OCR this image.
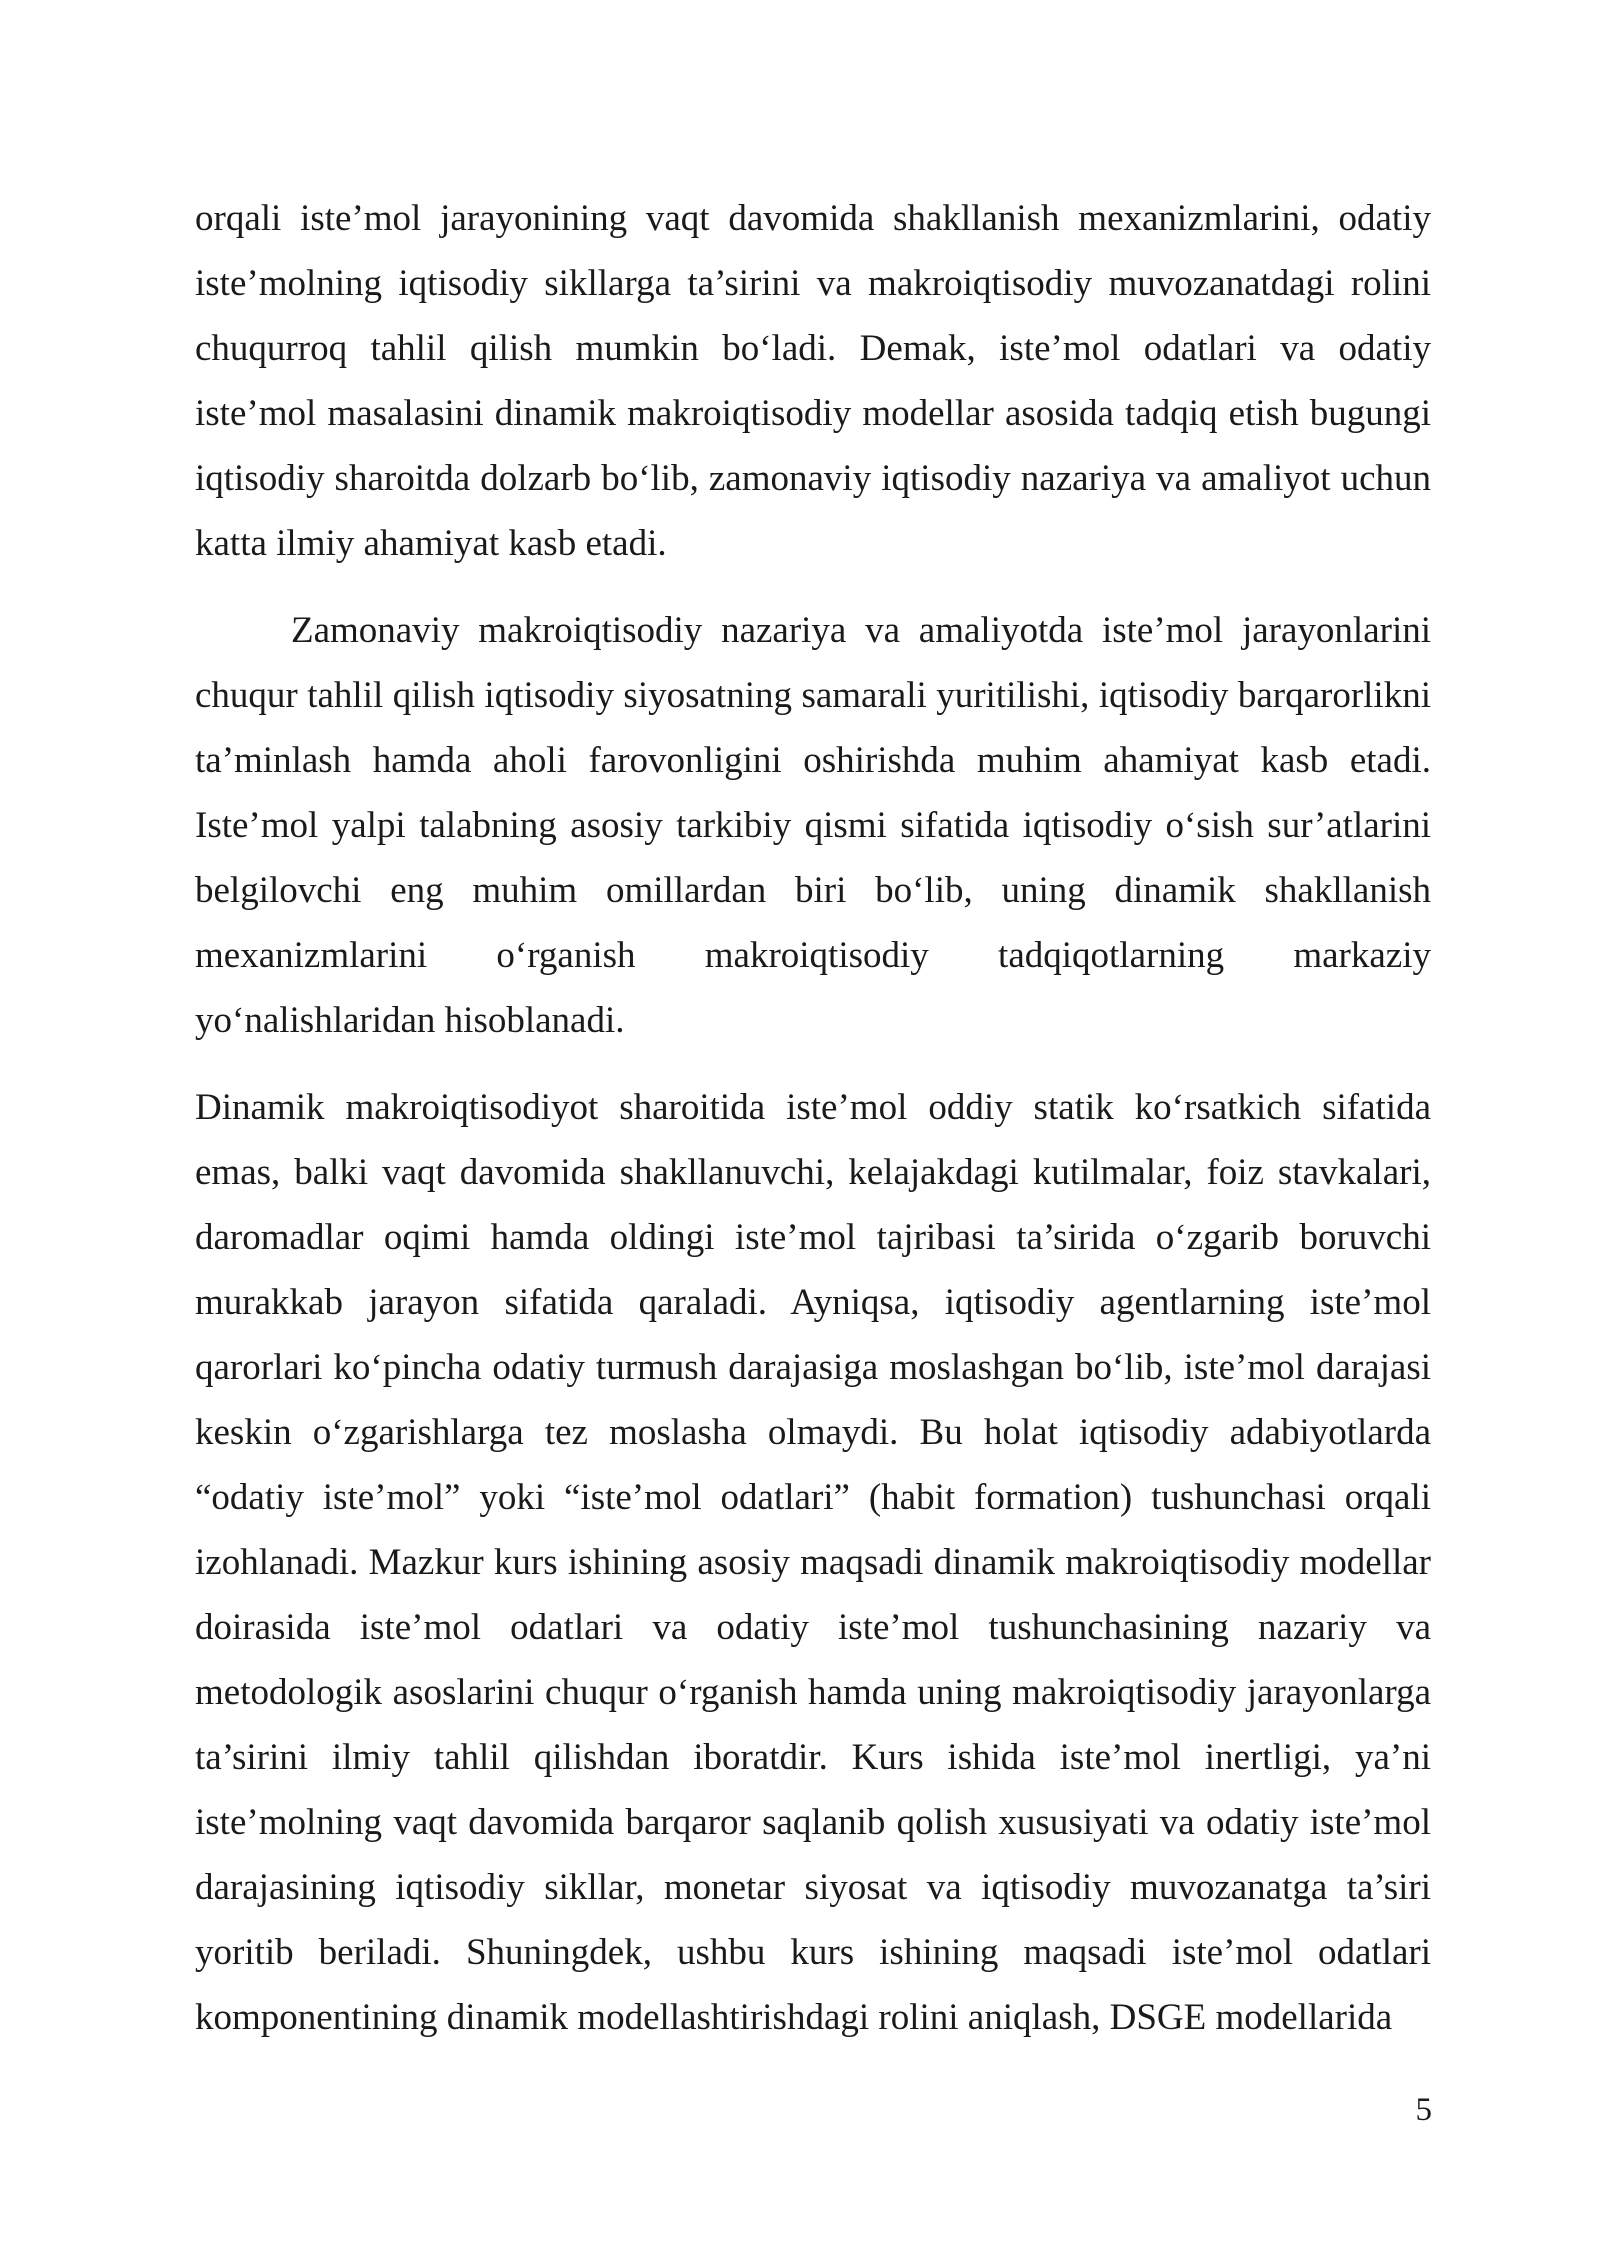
orqali iste’mol jarayonining vaqt davomida shakllanish mexanizmlarini, odatiy iste’molning iqtisodiy sikllarga ta’sirini va makroiqtisodiy muvozanatdagi rolini chuqurroq tahlil qilish mumkin bo‘ladi. Demak, iste’mol odatlari va odatiy iste’mol masalasini dinamik makroiqtisodiy modellar asosida tadqiq etish bugungi iqtisodiy sharoitda dolzarb bo‘lib, zamonaviy iqtisodiy nazariya va amaliyot uchun katta ilmiy ahamiyat kasb etadi.

Zamonaviy makroiqtisodiy nazariya va amaliyotda iste’mol jarayonlarini chuqur tahlil qilish iqtisodiy siyosatning samarali yuritilishi, iqtisodiy barqarorlikni ta’minlash hamda aholi farovonligini oshirishda muhim ahamiyat kasb etadi. Iste’mol yalpi talabning asosiy tarkibiy qismi sifatida iqtisodiy o‘sish sur’atlarini belgilovchi eng muhim omillardan biri bo‘lib, uning dinamik shakllanish mexanizmlarini o‘rganish makroiqtisodiy tadqiqotlarning markaziy yo‘nalishlaridan hisoblanadi.

Dinamik makroiqtisodiyot sharoitida iste’mol oddiy statik ko‘rsatkich sifatida emas, balki vaqt davomida shakllanuvchi, kelajakdagi kutilmalar, foiz stavkalari, daromadlar oqimi hamda oldingi iste’mol tajribasi ta’sirida o‘zgarib boruvchi murakkab jarayon sifatida qaraladi. Ayniqsa, iqtisodiy agentlarning iste’mol qarorlari ko‘pincha odatiy turmush darajasiga moslashgan bo‘lib, iste’mol darajasi keskin o‘zgarishlarga tez moslasha olmaydi. Bu holat iqtisodiy adabiyotlarda “odatiy iste’mol” yoki “iste’mol odatlari” (habit formation) tushunchasi orqali izohlanadi. Mazkur kurs ishining asosiy maqsadi dinamik makroiqtisodiy modellar doirasida iste’mol odatlari va odatiy iste’mol tushunchasining nazariy va metodologik asoslarini chuqur o‘rganish hamda uning makroiqtisodiy jarayonlarga ta’sirini ilmiy tahlil qilishdan iboratdir. Kurs ishida iste’mol inertligi, ya’ni iste’molning vaqt davomida barqaror saqlanib qolish xususiyati va odatiy iste’mol darajasining iqtisodiy sikllar, monetar siyosat va iqtisodiy muvozanatga ta’siri yoritib beriladi. Shuningdek, ushbu kurs ishining maqsadi iste’mol odatlari komponentining dinamik modellashtirishdagi rolini aniqlash, DSGE modellarida

5
